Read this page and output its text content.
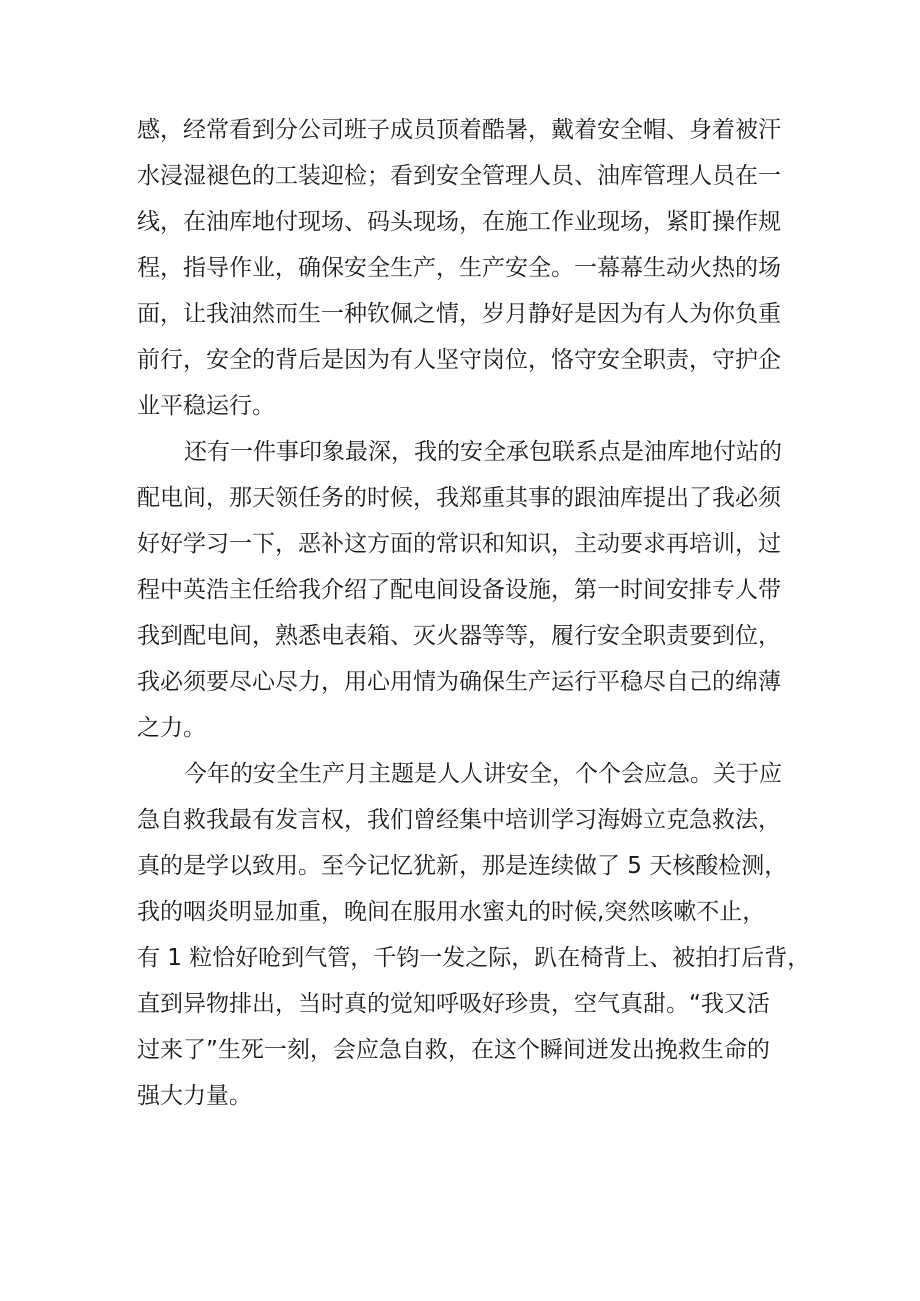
感，经常看到分公司班子成员顶着酷暑，戴着安全帽、身着被汗
水浸湿褪色的工装迎检；看到安全管理人员、油库管理人员在一
线，在油库地付现场、码头现场，在施工作业现场，紧盯操作规
程，指导作业，确保安全生产，生产安全。一幕幕生动火热的场
面，让我油然而生一种钦佩之情，岁月静好是因为有人为你负重
前行，安全的背后是因为有人坚守岗位，恪守安全职责，守护企
业平稳运行。
还有一件事印象最深，我的安全承包联系点是油库地付站的
配电间，那天领任务的时候，我郑重其事的跟油库提出了我必须
好好学习一下，恶补这方面的常识和知识，主动要求再培训，过
程中英浩主任给我介绍了配电间设备设施，第一时间安排专人带
我到配电间，熟悉电表箱、灭火器等等，履行安全职责要到位，
我必须要尽心尽力，用心用情为确保生产运行平稳尽自己的绵薄
之力。
今年的安全生产月主题是人人讲安全，个个会应急。关于应
急自救我最有发言权，我们曾经集中培训学习海姆立克急救法，
真的是学以致用。至今记忆犹新，那是连续做了 5 天核酸检测，
我的咽炎明显加重，晚间在服用水蜜丸的时候,突然咳嗽不止，
有 1 粒恰好呛到气管，千钧一发之际，趴在椅背上、被拍打后背，
直到异物排出，当时真的觉知呼吸好珍贵，空气真甜。“我又活
过来了”生死一刻，会应急自救，在这个瞬间迸发出挽救生命的
强大力量。
